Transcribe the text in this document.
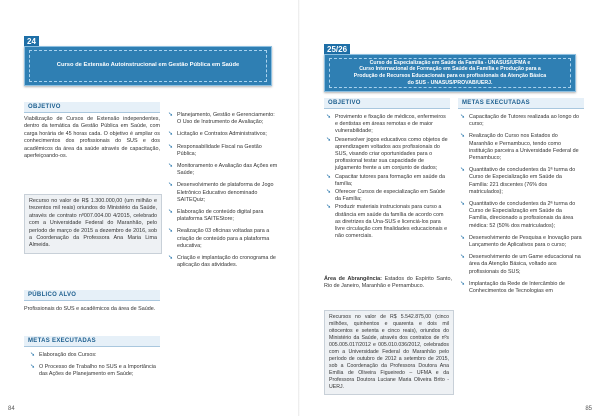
24
Curso de Extensão Autoinstrucional em Gestão Pública em Saúde
OBJETIVO
Viabilização de Cursos de Extensão independentes, dentro da temática da Gestão Pública em Saúde, com carga horária de 45 horas cada. O objetivo é ampliar os conhecimentos dos profissionais do SUS e dos acadêmicos da área da saúde através de capacitação, aperfeiçoando-os.
Recurso no valor de R$ 1.300.000,00 (um milhão e trezentos mil reais) oriundos do Ministério da Saúde, através de contrato nº007.004.00 4/2015, celebrado com a Universidade Federal do Maranhão, pelo período de março de 2015 a dezembro de 2016, sob a Coordenação da Professora Ana Maria Lima Almeida.
PÚBLICO ALVO
Profissionais do SUS e acadêmicos da área de Saúde.
METAS EXECUTADAS
➘ Elaboração dos Cursos:
➘ O Processo de Trabalho no SUS e a Importância das Ações de Planejamento em Saúde;
➘ Planejamento, Gestão e Gerenciamento: O Uso de Instrumento de Avaliação;
➘ Licitação e Contratos Administrativos;
➘ Responsabilidade Fiscal na Gestão Pública;
➘ Monitoramento e Avaliação das Ações em Saúde;
➘ Desenvolvimento de plataforma de Jogo Eletrônico Educativo denominado SAITEQuiz;
➘ Elaboração de conteúdo digital para plataforma SAITEStore;
➘ Realização 03 oficinas voltadas para a criação de conteúdo para a plataforma educativa;
➘ Criação e implantação do cronograma de aplicação das atividades.
84
25/26
Curso de Especialização em Saúde da Família - UNASUS/UFMA e
Curso Internacional de Formação em Saúde da Família e Produção para a
Produção de Recursos Educacionais para os profissionais da Atenção Básica
do SUS - UNASUS/PROVAB/UERJ.
OBJETIVO
➘ Provimento e fixação de médicos, enfermeiros e dentistas em áreas remotas e de maior vulnerabilidade;
➘ Desenvolver jogos educativos como objetos de aprendizagem voltados aos profissionais do SUS, visando criar oportunidades para o profissional testar sua capacidade de julgamento frente a um conjunto de dados;
➘ Capacitar tutores para formação em saúde da família;
➘ Oferecer Cursos de especialização em Saúde da Família;
➘ Produzir materiais instrucionais para curso a distância em saúde da família de acordo com as diretrizes da Una-SUS e licenciá-los para livre circulação com finalidades educacionais e não comerciais.
Área de Abrangência: Estados do Espírito Santo, Rio de Janeiro, Maranhão e Pernambuco.
Recursos no valor de R$ 5.542.875,00 (cinco milhões, quinhentos e quarenta e dois mil oitocentos e setenta e cinco reais), oriundos do Ministério da Saúde, através dos contratos de nºs 005.005.017/2012 e 005.010.036/2012, celebrados com a Universidade Federal do Maranhão pelo período de outubro de 2012 a setembro de 2015, sob a Coordenação da Professora Doutora Ana Emília de Oliveira Figueiredo – UFMA e da Professora Doutora Luciane Maria Oliveira Brito - UERJ.
METAS EXECUTADAS
➘ Capacitação de Tutores realizada ao longo do curso;
➘ Realização do Curso nos Estados do Maranhão e Pernambuco, tendo como instituição parceira a Universidade Federal de Pernambuco;
➘ Quantitativo de concludentes da 1ª turma do Curso de Especialização em Saúde da Família: 221 discentes (76% dos matriculados);
➘ Quantitativo de concludentes da 2ª turma do Curso de Especialização em Saúde da Família, direcionado a profissionais da área médica: 52 (50% dos matriculados);
➘ Desenvolvimento de Pesquisa e Inovação para Lançamento de Aplicativos para o curso;
➘ Desenvolvimento de um Game educacional na área da Atenção Básica, voltado aos profissionais do SUS;
➘ Implantação da Rede de Intercâmbio de Conhecimentos de Tecnologias em
85
